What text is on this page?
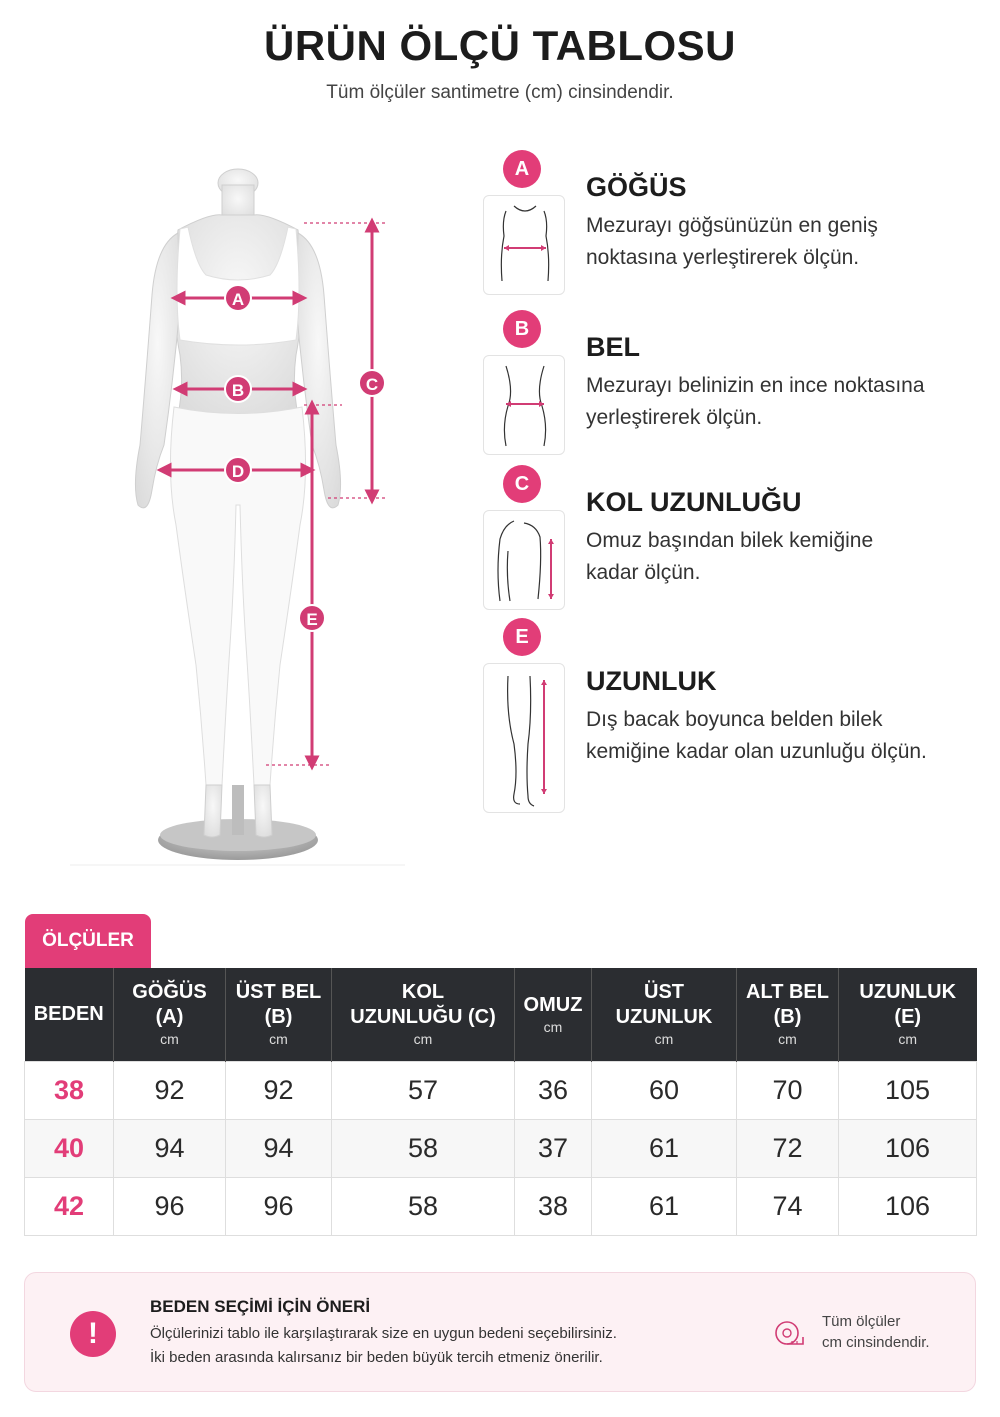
ÜRÜN ÖLÇÜ TABLOSU
Tüm ölçüler santimetre (cm) cinsindendir.
A
B
D
C
E
A
GÖĞÜS
Mezurayı göğsünüzün en geniş
noktasına yerleştirerek ölçün.
B
BEL
Mezurayı belinizin en ince noktasına
yerleştirerek ölçün.
C
KOL UZUNLUĞU
Omuz başından bilek kemiğine
kadar ölçün.
E
UZUNLUK
Dış bacak boyunca belden bilek
kemiğine kadar olan uzunluğu ölçün.
ÖLÇÜLER
BEDEN	GÖĞÜS
(A)
cm	ÜST BEL
(B)
cm	KOL
UZUNLUĞU (C)
cm	OMUZ
cm	ÜST
UZUNLUK
cm	ALT BEL
(B)
cm	UZUNLUK
(E)
cm

38	92	92	57	36	60	70	105
40	94	94	58	37	61	72	106
42	96	96	58	38	61	74	106
!
BEDEN SEÇİMİ İÇİN ÖNERİ
Ölçülerinizi tablo ile karşılaştırarak size en uygun bedeni seçebilirsiniz.
İki beden arasında kalırsanız bir beden büyük tercih etmeniz önerilir.
Tüm ölçüler
cm cinsindendir.
